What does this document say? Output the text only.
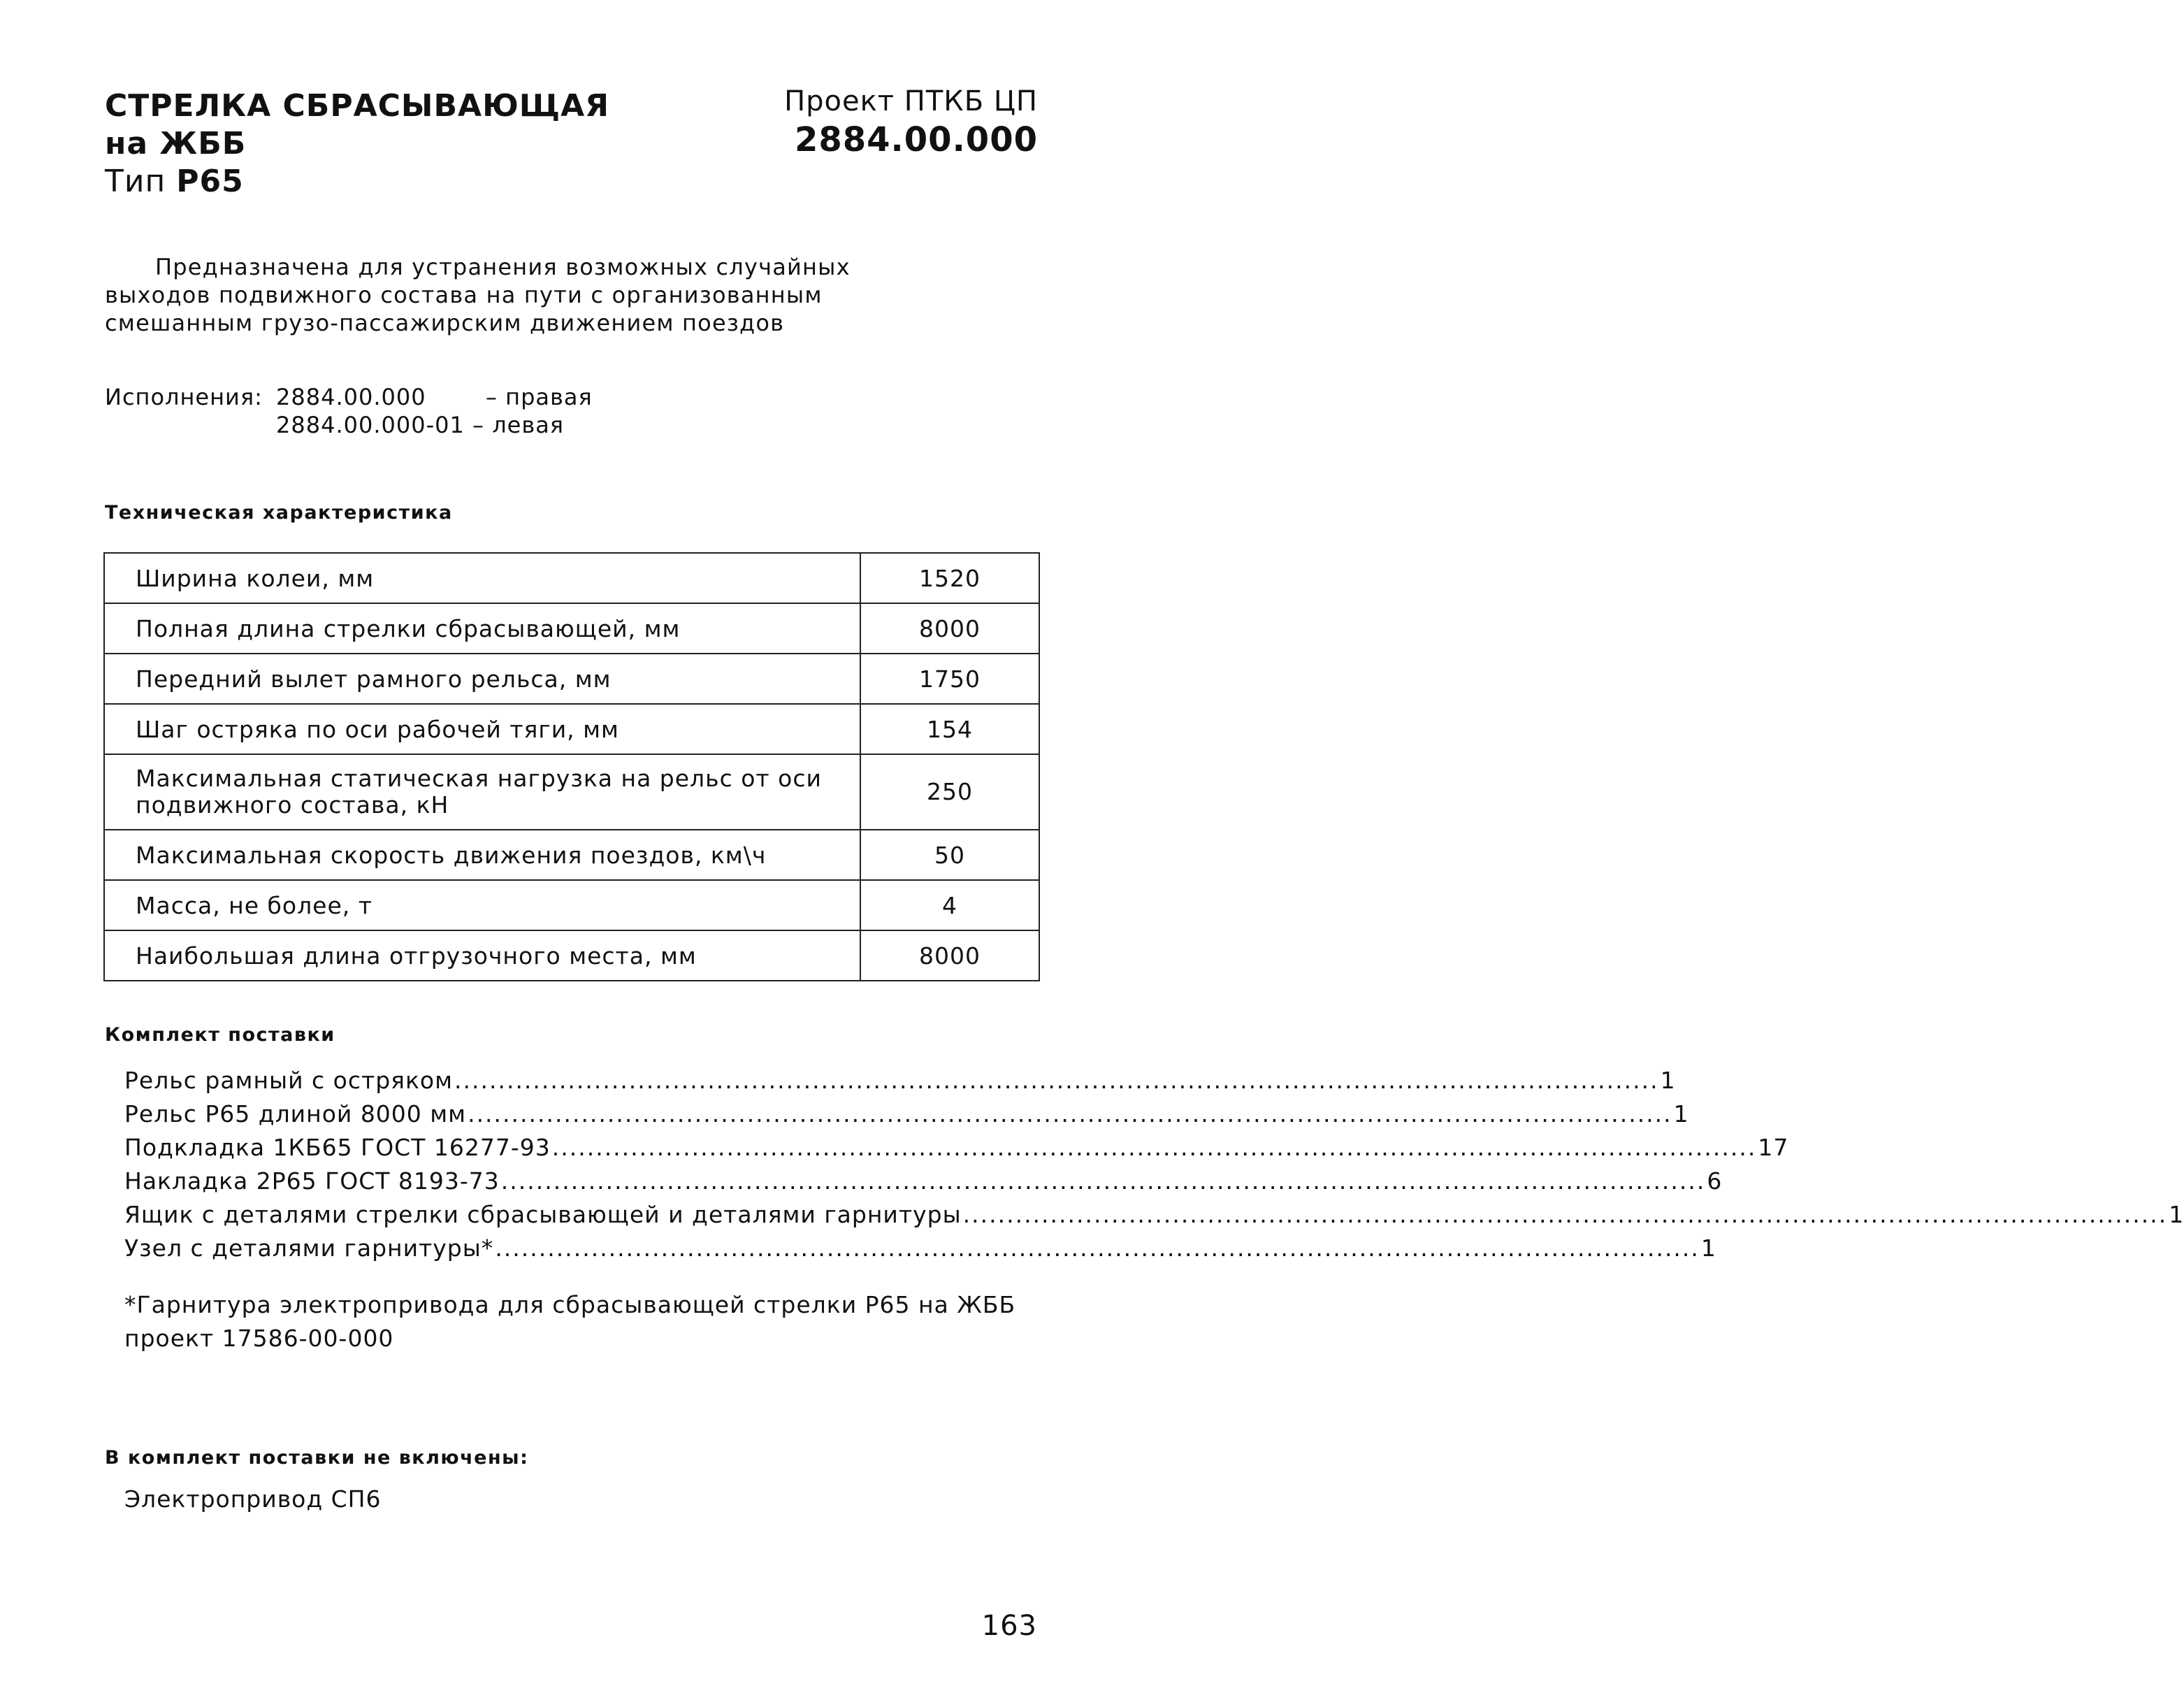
СТРЕЛКА СБРАСЫВАЮЩАЯ
на ЖББ
Тип Р65
Проект ПТКБ ЦП
2884.00.000
Предназначена для устранения возможных случайных выходов подвижного состава на пути с организованным смешанным грузо-пассажирским движением поездов
Исполнения: 2884.00.000	– правая
2884.00.000-01 – левая
Техническая характеристика
Ширина колеи, мм	1520
Полная длина стрелки сбрасывающей, мм	8000
Передний вылет рамного рельса, мм	1750
Шаг остряка по оси рабочей тяги, мм	154
Максимальная статическая нагрузка на рельс от оси подвижного состава, кН	250
Максимальная скорость движения поездов, км\ч	50
Масса, не более, т	4
Наибольшая длина отгрузочного места, мм	8000
Комплект поставки
Рельс рамный с остряком .......................................................................................................................................... 1
Рельс Р65 длиной 8000 мм .......................................................................................................................................... 1
Подкладка 1КБ65 ГОСТ 16277-93 .......................................................................................................................................... 17
Накладка 2Р65 ГОСТ 8193-73 .......................................................................................................................................... 6
Ящик с деталями стрелки сбрасывающей и деталями гарнитуры .......................................................................................................................................... 1
Узел с деталями гарнитуры* .......................................................................................................................................... 1
*Гарнитура электропривода для сбрасывающей стрелки Р65 на ЖББ проект 17586-00-000
В комплект поставки не включены:
Электропривод СП6
163
